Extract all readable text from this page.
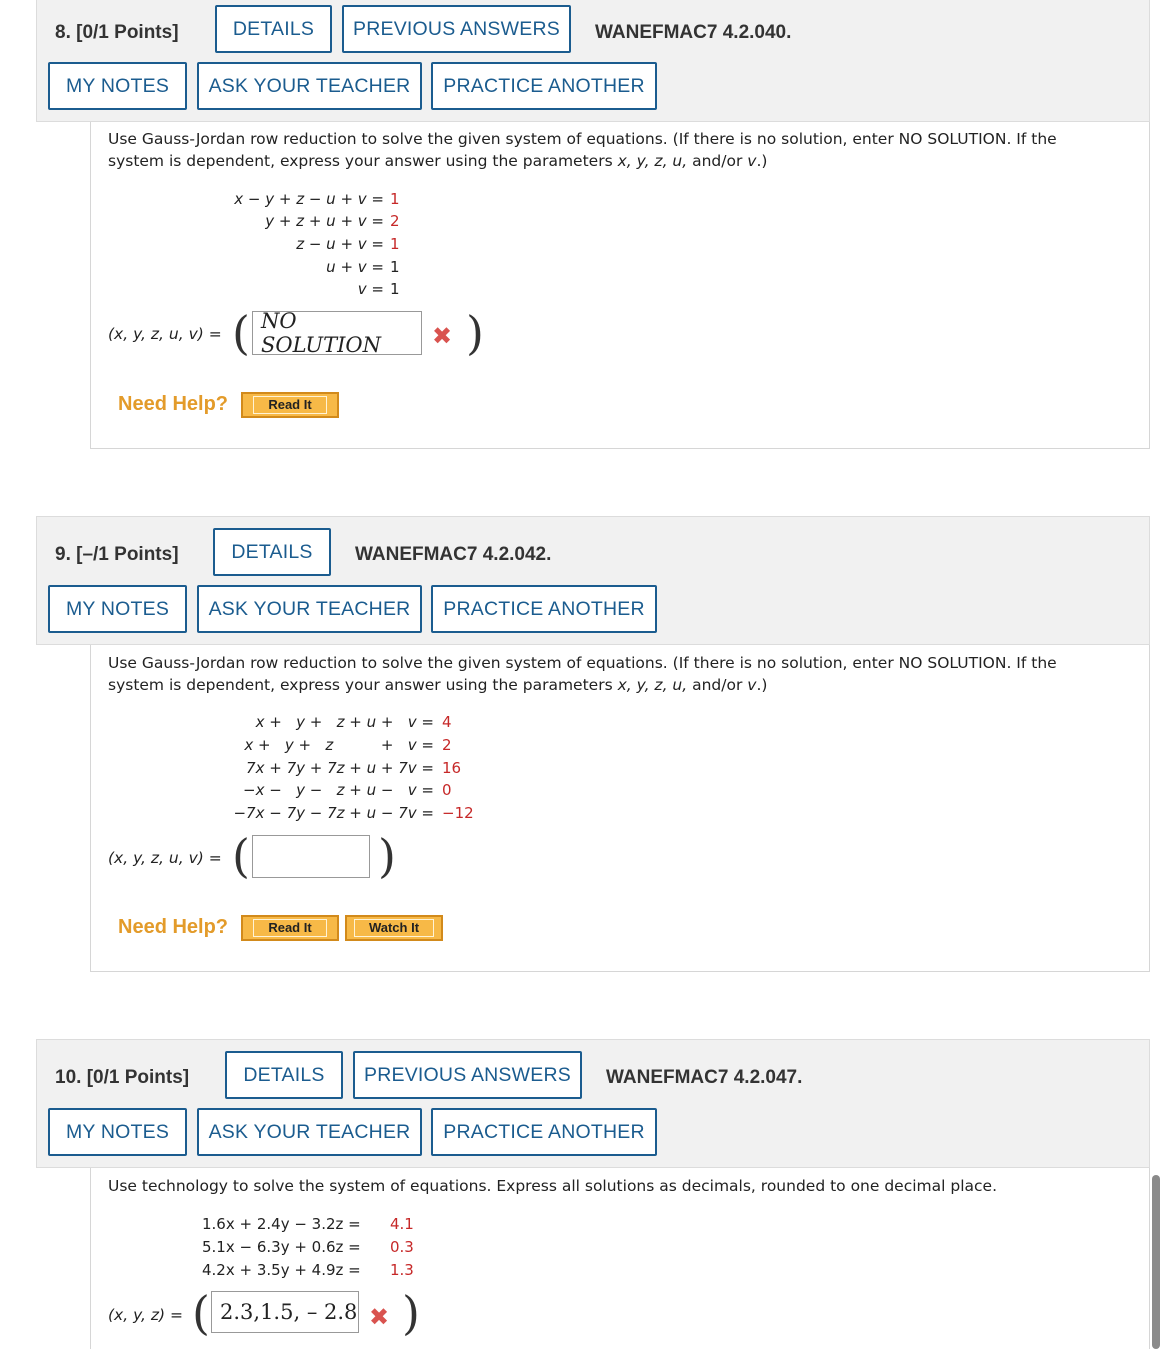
8. [0/1 Points]	WANEFMAC7 4.2.040.
DETAILS	PREVIOUS ANSWERS
MY NOTES	ASK YOUR TEACHER	PRACTICE ANOTHER
Use Gauss-Jordan row reduction to solve the given system of equations. (If there is no solution, enter NO SOLUTION. If the system is dependent, express your answer using the parameters x, y, z, u, and/or v.)
x − y + z − u + v = 1
y + z + u + v = 2
z − u + v = 1
u + v = 1
v = 1
(x, y, z, u, v) = ( NO SOLUTION	✖ )
Need Help?	Read It
9. [–/1 Points]	WANEFMAC7 4.2.042.
DETAILS
MY NOTES	ASK YOUR TEACHER	PRACTICE ANOTHER
Use Gauss-Jordan row reduction to solve the given system of equations. (If there is no solution, enter NO SOLUTION. If the system is dependent, express your answer using the parameters x, y, z, u, and/or v.)
x +   y +   z + u +   v = 4
x +   y +   z          +   v = 2
7x + 7y + 7z + u + 7v = 16
−x −   y −   z + u −   v = 0
−7x − 7y − 7z + u − 7v = −12
(x, y, z, u, v) = (	)
Need Help?	Read It	Watch It
10. [0/1 Points]	WANEFMAC7 4.2.047.
DETAILS	PREVIOUS ANSWERS
MY NOTES	ASK YOUR TEACHER	PRACTICE ANOTHER
Use technology to solve the system of equations. Express all solutions as decimals, rounded to one decimal place.
1.6x + 2.4y − 3.2z = 4.1
5.1x − 6.3y + 0.6z = 0.3
4.2x + 3.5y + 4.9z = 1.3
(x, y, z) = ( 2.3,1.5, – 2.8 ✖ )
